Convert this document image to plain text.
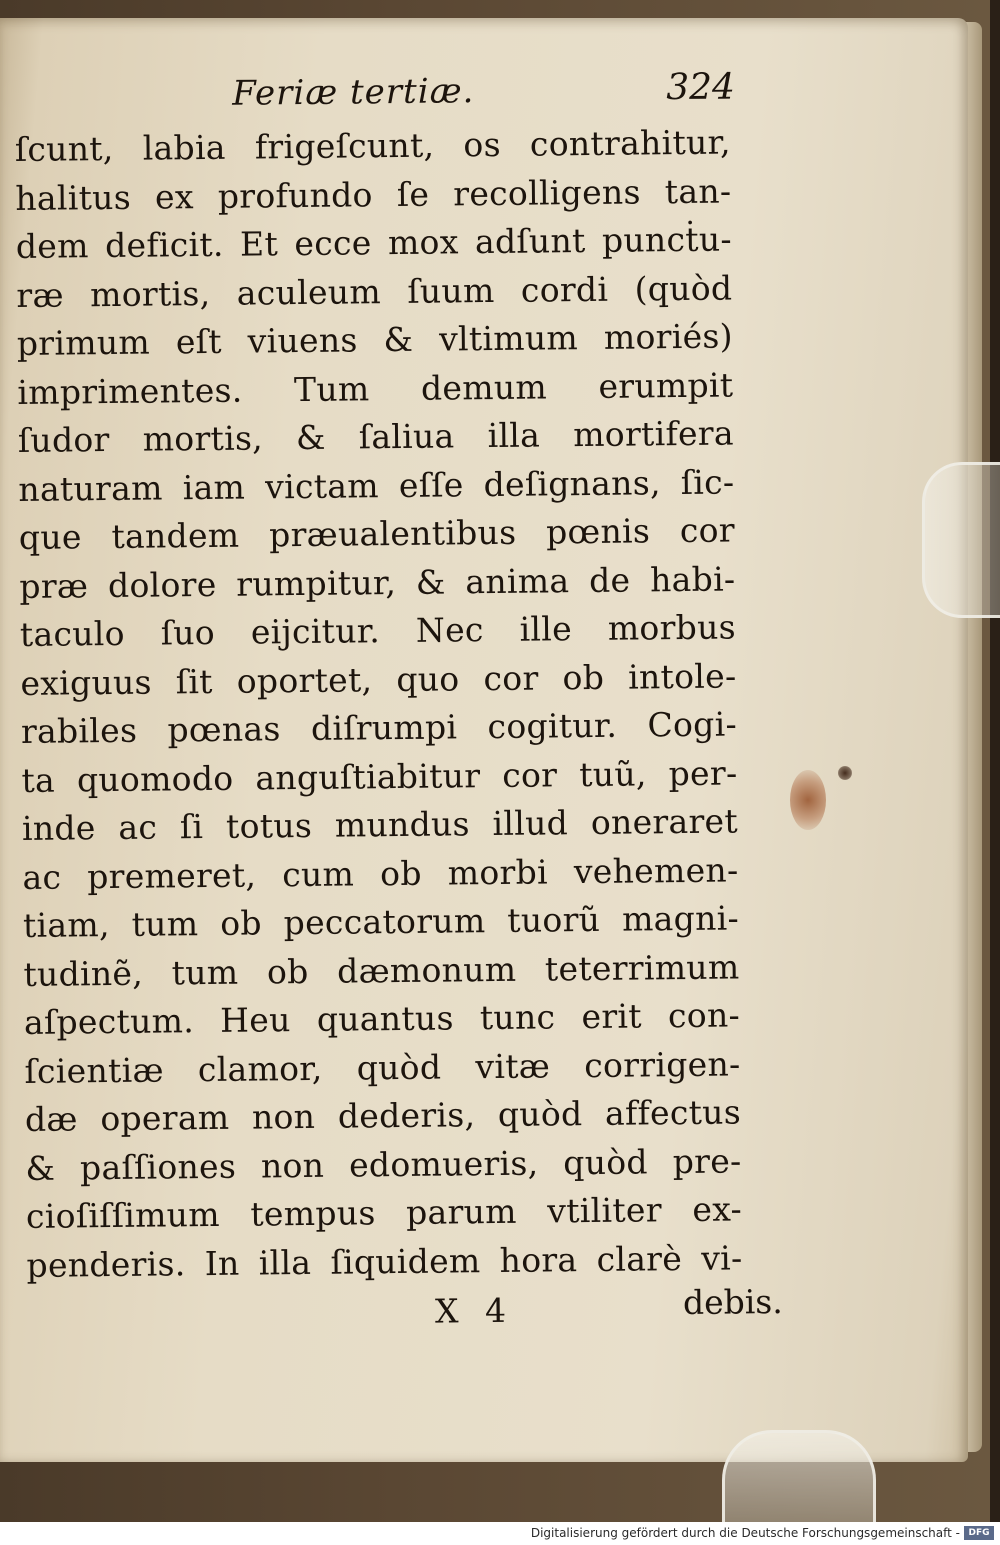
Feriæ tertiæ.	324
ſcunt, labia frigeſcunt, os contrahitur,
halitus ex profundo ſe recolligens tan-
dem deficit. Et ecce mox adſunt puncṫu-
ræ mortis, aculeum ſuum cordi (quòd
primum eſt viuens & vltimum moriés)
imprimentes. Tum demum erumpit
ſudor mortis, & ſaliua illa mortifera
naturam iam victam eſſe deſignans, ſic-
que tandem præualentibus pœnis cor
præ dolore rumpitur, & anima de habi-
taculo ſuo eijcitur. Nec ille morbus
exiguus ſit oportet, quo cor ob intole-
rabiles pœnas diſrumpi cogitur. Cogi-
ta quomodo anguſtiabitur cor tuũ, per-
inde ac ſi totus mundus illud oneraret
ac premeret, cum ob morbi vehemen-
tiam, tum ob peccatorum tuorũ magni-
tudinẽ, tum ob dæmonum teterrimum
aſpectum. Heu quantus tunc erit con-
ſcientiæ clamor, quòd vitæ corrigen-
dæ operam non dederis, quòd affectus
& paſſiones non edomueris, quòd pre-
cioſiſſimum tempus parum vtiliter ex-
penderis. In illa ſiquidem hora clarè vi-
X 4	debis.
Digitalisierung gefördert durch die Deutsche Forschungsgemeinschaft - DFG
